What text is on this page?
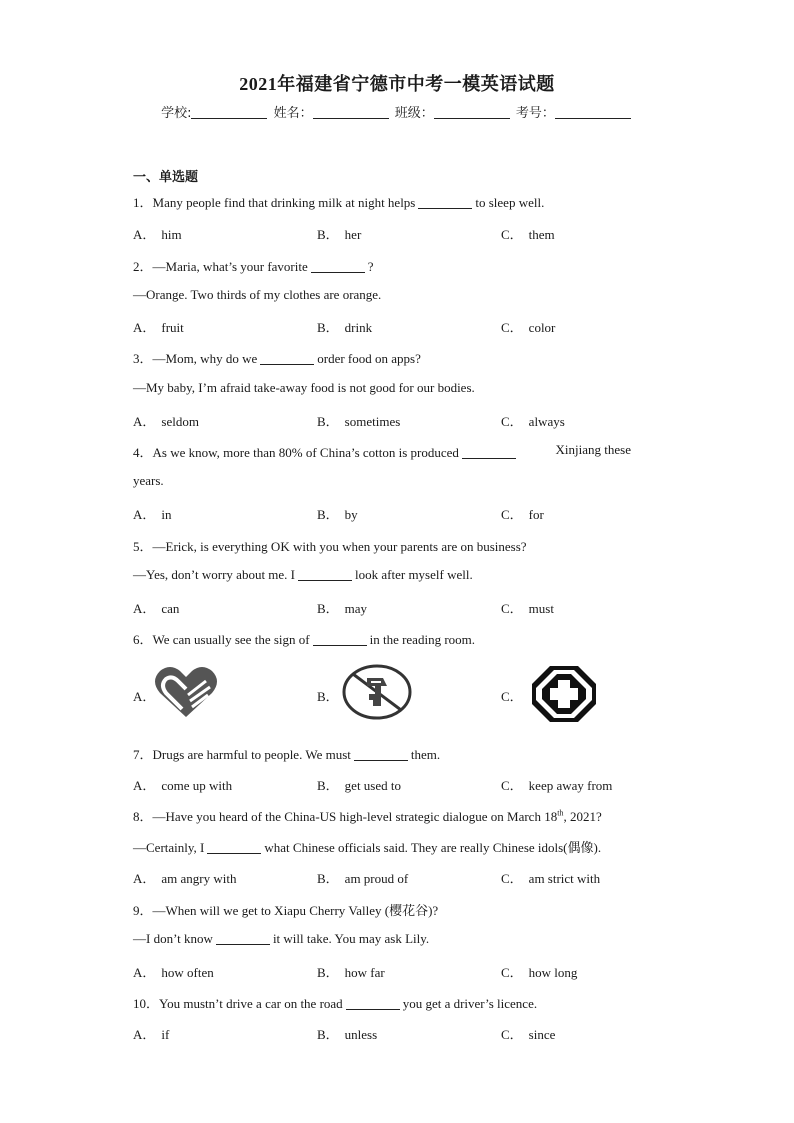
2021年福建省宁德市中考一模英语试题
学校:	姓名：	班级：	考号：
一、单选题
1．Many people find that drinking milk at night helps	to sleep well.
A． him	B． her	C． them
2．—Maria, what’s your favorite	?
—Orange. Two thirds of my clothes are orange.
A． fruit	B． drink	C． color
3．—Mom, why do we	order food on apps?
—My baby, I’m afraid take-away food is not good for our bodies.
A． seldom	B． sometimes	C． always
4．As we know, more than 80% of China’s cotton is produced	Xinjiang these
years.
A． in	B． by	C． for
5．—Erick, is everything OK with you when your parents are on business?
—Yes, don’t worry about me. I	look after myself well.
A． can	B． may	C． must
6．We can usually see the sign of	in the reading room.
A．	B．	C．
7．Drugs are harmful to people. We must	them.
A． come up with	B． get used to	C． keep away from
8．—Have you heard of the China-US high-level strategic dialogue on March 18th, 2021?
—Certainly, I	what Chinese officials said. They are really Chinese idols(偶像).
A． am angry with	B． am proud of	C． am strict with
9．—When will we get to Xiapu Cherry Valley (樱花谷)?
—I don’t know	it will take. You may ask Lily.
A． how often	B． how far	C． how long
10．You mustn’t drive a car on the road	you get a driver’s licence.
A． if	B． unless	C． since
